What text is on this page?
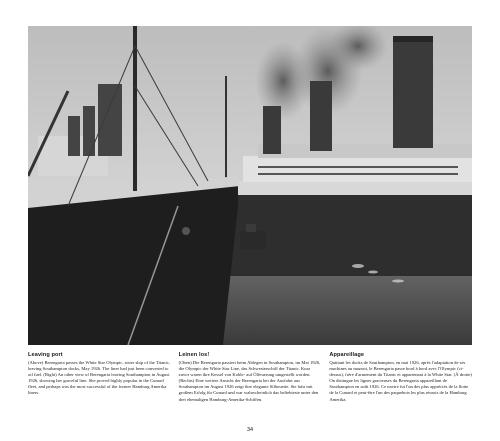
Leaving port

(Above) Berengaria passes the White Star Olympic, sister ship of the Titanic, leaving Southampton docks, May 1926. The liner had just been converted to oil fuel. (Right) An other view of Berengaria leaving Southampton in August 1926, showing her graceful line. She proved highly popular in the Cunard fleet, and perhaps was the most successful of the former Hamburg Amerika liners.

Leinen los!

(Oben) Die Berengaria passiert beim Ablegen in Southampton, im Mai 1926, die Olympic der White Star Line, das Schwesterschiff der Titanic. Kurz zuvor waren ihre Kessel von Kohle- auf Ölfeuerung umgestellt worden. (Rechts) Eine weitere Ansicht der Berengaria bei der Ausfahrt aus Southampton im August 1926 zeigt ihre elegante Silhouette. Sie fuhr mit großem Erfolg für Cunard und war wahrscheinlich das beliebteste unter den drei ehemaligen Hamburg-Amerika-Schiffen.

Appareillage

Quittant les docks de Southampton, en mai 1926, après l'adaptation de ses machines au mazout, le Berengaria passe bord à bord avec l'Olympic (ci-dessus), frère d'armement du Titanic et appartenant à la White Star. (À droite) On distingue les lignes gracieuses du Berengaria appareillant de Southampton en août 1926. Ce navire fut l'un des plus appréciés de la flotte de la Cunard et peut-être l'un des paquebots les plus réussis de la Hamburg Amerika.

34
